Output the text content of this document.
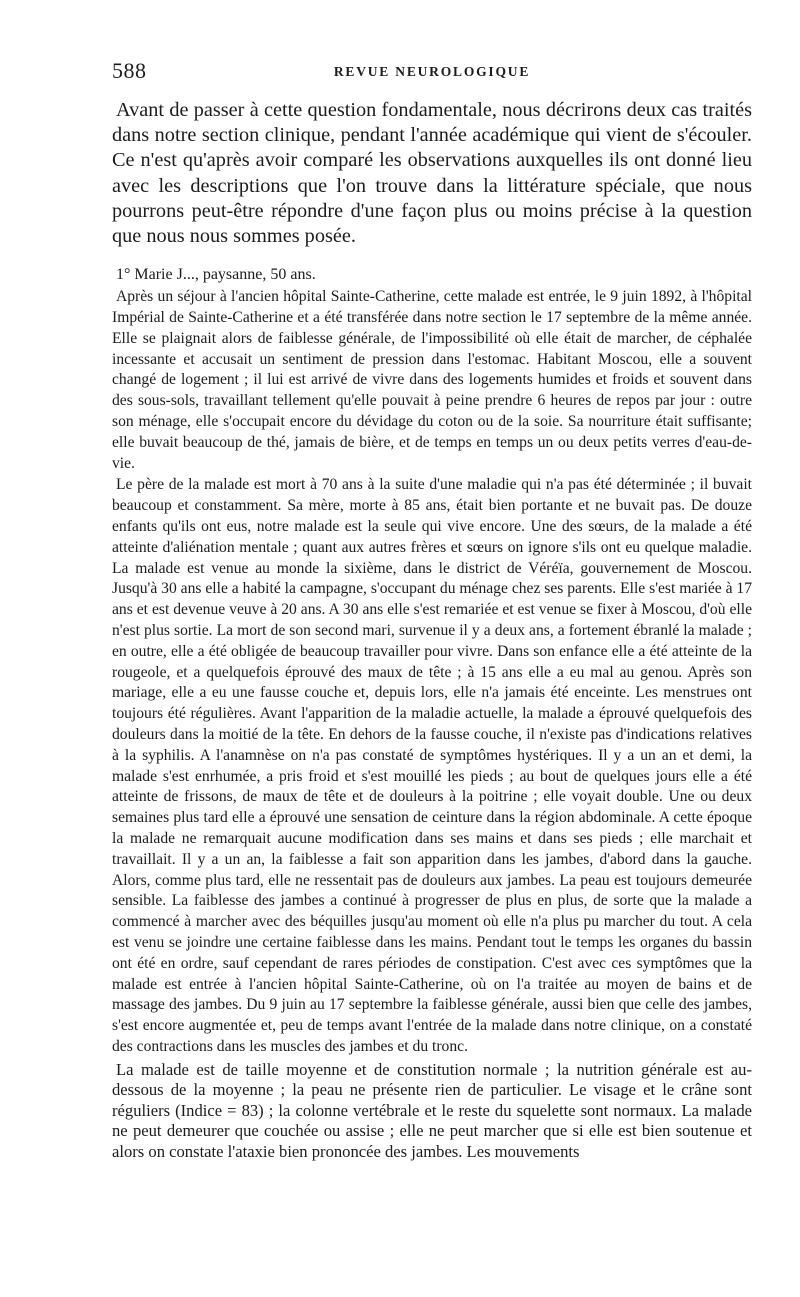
588	REVUE NEUROLOGIQUE

Avant de passer à cette question fondamentale, nous décrirons deux cas traités dans notre section clinique, pendant l'année académique qui vient de s'écouler. Ce n'est qu'après avoir comparé les observations auxquelles ils ont donné lieu avec les descriptions que l'on trouve dans la littérature spéciale, que nous pourrons peut-être répondre d'une façon plus ou moins précise à la question que nous nous sommes posée.

1° Marie J..., paysanne, 50 ans.

Après un séjour à l'ancien hôpital Sainte-Catherine, cette malade est entrée, le 9 juin 1892, à l'hôpital Impérial de Sainte-Catherine et a été transférée dans notre section le 17 septembre de la même année. Elle se plaignait alors de faiblesse générale, de l'impossibilité où elle était de marcher, de céphalée incessante et accusait un sentiment de pression dans l'estomac. Habitant Moscou, elle a souvent changé de logement ; il lui est arrivé de vivre dans des logements humides et froids et souvent dans des sous-sols, travaillant tellement qu'elle pouvait à peine prendre 6 heures de repos par jour : outre son ménage, elle s'occupait encore du dévidage du coton ou de la soie. Sa nourriture était suffisante; elle buvait beaucoup de thé, jamais de bière, et de temps en temps un ou deux petits verres d'eau-de-vie.

Le père de la malade est mort à 70 ans à la suite d'une maladie qui n'a pas été déterminée ; il buvait beaucoup et constamment. Sa mère, morte à 85 ans, était bien portante et ne buvait pas. De douze enfants qu'ils ont eus, notre malade est la seule qui vive encore. Une des sœurs, de la malade a été atteinte d'aliénation mentale ; quant aux autres frères et sœurs on ignore s'ils ont eu quelque maladie. La malade est venue au monde la sixième, dans le district de Véréïa, gouvernement de Moscou. Jusqu'à 30 ans elle a habité la campagne, s'occupant du ménage chez ses parents. Elle s'est mariée à 17 ans et est devenue veuve à 20 ans. A 30 ans elle s'est remariée et est venue se fixer à Moscou, d'où elle n'est plus sortie. La mort de son second mari, survenue il y a deux ans, a fortement ébranlé la malade ; en outre, elle a été obligée de beaucoup travailler pour vivre. Dans son enfance elle a été atteinte de la rougeole, et a quelquefois éprouvé des maux de tête ; à 15 ans elle a eu mal au genou. Après son mariage, elle a eu une fausse couche et, depuis lors, elle n'a jamais été enceinte. Les menstrues ont toujours été régulières. Avant l'apparition de la maladie actuelle, la malade a éprouvé quelquefois des douleurs dans la moitié de la tête. En dehors de la fausse couche, il n'existe pas d'indications relatives à la syphilis. A l'anamnèse on n'a pas constaté de symptômes hystériques. Il y a un an et demi, la malade s'est enrhumée, a pris froid et s'est mouillé les pieds ; au bout de quelques jours elle a été atteinte de frissons, de maux de tête et de douleurs à la poitrine ; elle voyait double. Une ou deux semaines plus tard elle a éprouvé une sensation de ceinture dans la région abdominale. A cette époque la malade ne remarquait aucune modification dans ses mains et dans ses pieds ; elle marchait et travaillait. Il y a un an, la faiblesse a fait son apparition dans les jambes, d'abord dans la gauche. Alors, comme plus tard, elle ne ressentait pas de douleurs aux jambes. La peau est toujours demeurée sensible. La faiblesse des jambes a continué à progresser de plus en plus, de sorte que la malade a commencé à marcher avec des béquilles jusqu'au moment où elle n'a plus pu marcher du tout. A cela est venu se joindre une certaine faiblesse dans les mains. Pendant tout le temps les organes du bassin ont été en ordre, sauf cependant de rares périodes de constipation. C'est avec ces symptômes que la malade est entrée à l'ancien hôpital Sainte-Catherine, où on l'a traitée au moyen de bains et de massage des jambes. Du 9 juin au 17 septembre la faiblesse générale, aussi bien que celle des jambes, s'est encore augmentée et, peu de temps avant l'entrée de la malade dans notre clinique, on a constaté des contractions dans les muscles des jambes et du tronc.

La malade est de taille moyenne et de constitution normale ; la nutrition générale est au-dessous de la moyenne ; la peau ne présente rien de particulier. Le visage et le crâne sont réguliers (Indice = 83) ; la colonne vertébrale et le reste du squelette sont normaux. La malade ne peut demeurer que couchée ou assise ; elle ne peut marcher que si elle est bien soutenue et alors on constate l'ataxie bien prononcée des jambes. Les mouvements
